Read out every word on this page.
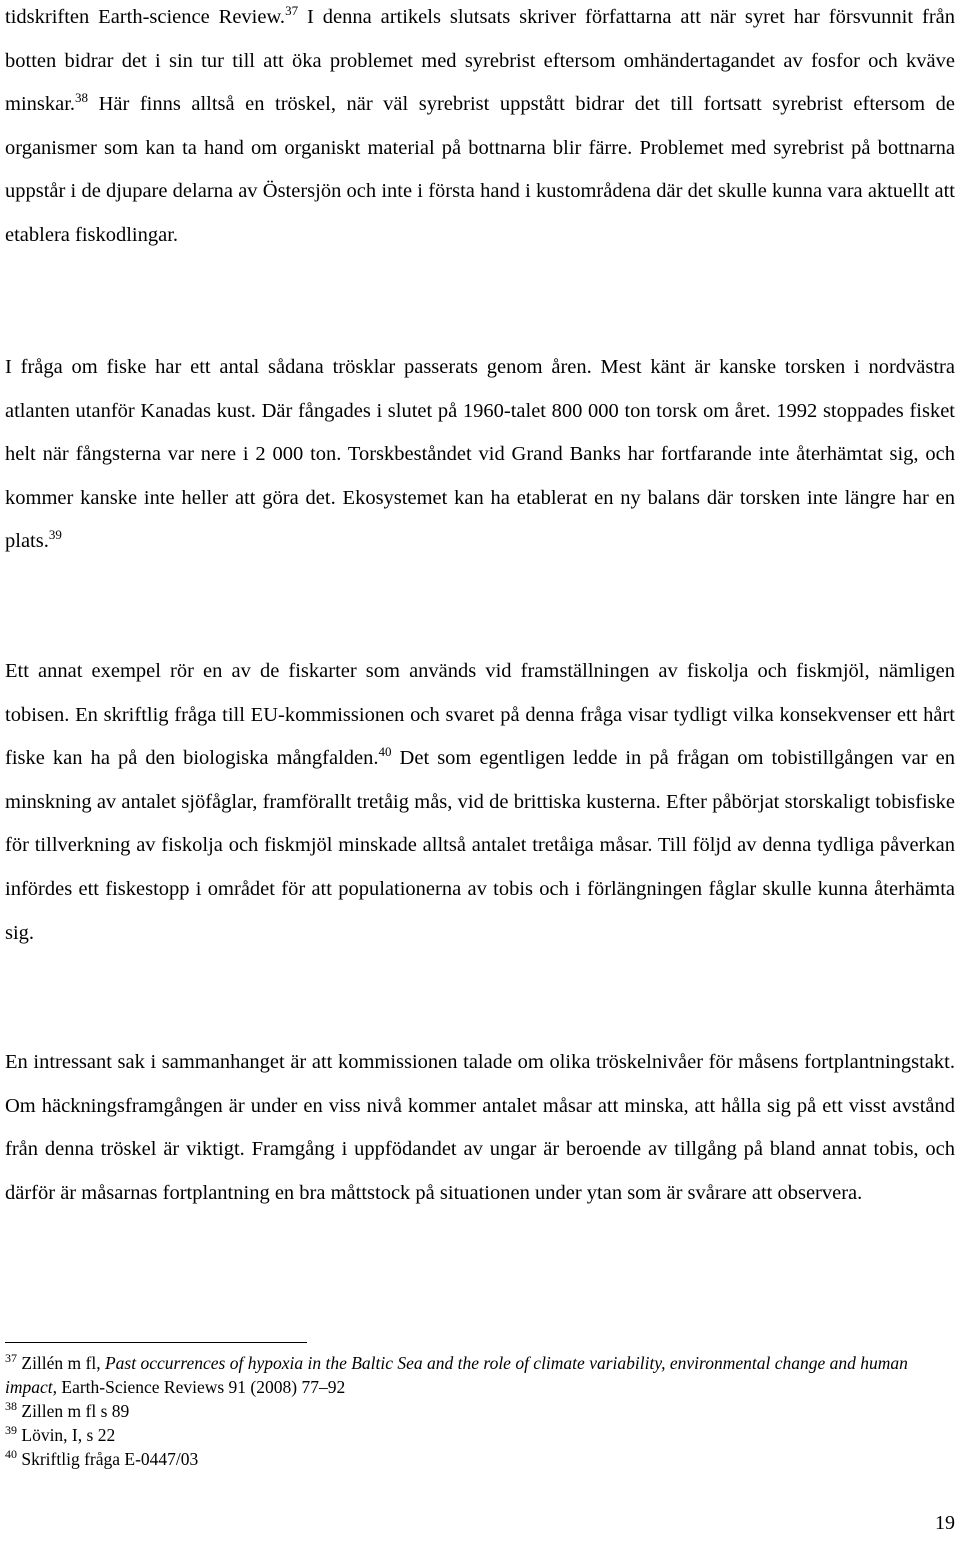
tidskriften Earth-science Review.$^{37}$ I denna artikels slutsats skriver författarna att när syret har försvunnit från botten bidrar det i sin tur till att öka problemet med syrebrist eftersom omhändertagandet av fosfor och kväve minskar.$^{38}$ Här finns alltså en tröskel, när väl syrebrist uppstått bidrar det till fortsatt syrebrist eftersom de organismer som kan ta hand om organiskt material på bottnarna blir färre. Problemet med syrebrist på bottnarna uppstår i de djupare delarna av Östersjön och inte i första hand i kustområdena där det skulle kunna vara aktuellt att etablera fiskodlingar.

I fråga om fiske har ett antal sådana trösklar passerats genom åren. Mest känt är kanske torsken i nordvästra atlanten utanför Kanadas kust. Där fångades i slutet på 1960-talet 800 000 ton torsk om året. 1992 stoppades fisket helt när fångsterna var nere i 2 000 ton. Torskbeståndet vid Grand Banks har fortfarande inte återhämtat sig, och kommer kanske inte heller att göra det. Ekosystemet kan ha etablerat en ny balans där torsken inte längre har en plats.$^{39}$

Ett annat exempel rör en av de fiskarter som används vid framställningen av fiskolja och fiskmjöl, nämligen tobisen. En skriftlig fråga till EU-kommissionen och svaret på denna fråga visar tydligt vilka konsekvenser ett hårt fiske kan ha på den biologiska mångfalden.$^{40}$ Det som egentligen ledde in på frågan om tobistillgången var en minskning av antalet sjöfåglar, framförallt tretåig mås, vid de brittiska kusterna. Efter påbörjat storskaligt tobisfiske för tillverkning av fiskolja och fiskmjöl minskade alltså antalet tretåiga måsar. Till följd av denna tydliga påverkan infördes ett fiskestopp i området för att populationerna av tobis och i förlängningen fåglar skulle kunna återhämta sig.

En intressant sak i sammanhanget är att kommissionen talade om olika tröskelnivåer för måsens fortplantningstakt. Om häckningsframgången är under en viss nivå kommer antalet måsar att minska, att hålla sig på ett visst avstånd från denna tröskel är viktigt. Framgång i uppfödandet av ungar är beroende av tillgång på bland annat tobis, och därför är måsarnas fortplantning en bra måttstock på situationen under ytan som är svårare att observera.

$^{37}$ Zillén m fl, Past occurrences of hypoxia in the Baltic Sea and the role of climate variability, environmental change and human impact, Earth-Science Reviews 91 (2008) 77–92

$^{38}$ Zillen m fl s 89

$^{39}$ Lövin, I, s 22

$^{40}$ Skriftlig fråga E-0447/03

19
